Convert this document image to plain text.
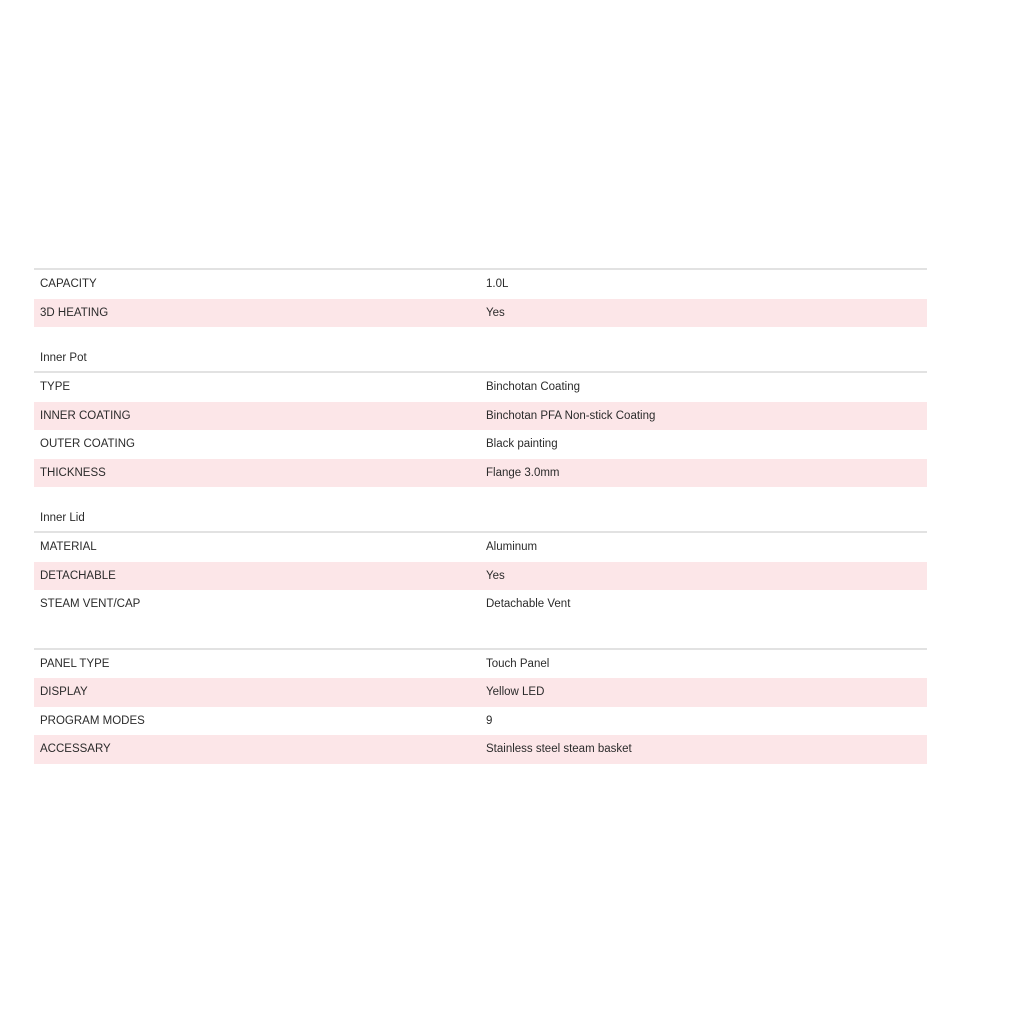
CAPACITY	1.0L
3D HEATING	Yes
Inner Pot
TYPE	Binchotan Coating
INNER COATING	Binchotan PFA Non-stick Coating
OUTER COATING	Black painting
THICKNESS	Flange 3.0mm
Inner Lid
MATERIAL	Aluminum
DETACHABLE	Yes
STEAM VENT/CAP	Detachable Vent
PANEL TYPE	Touch Panel
DISPLAY	Yellow LED
PROGRAM MODES	9
ACCESSARY	Stainless steel steam basket
